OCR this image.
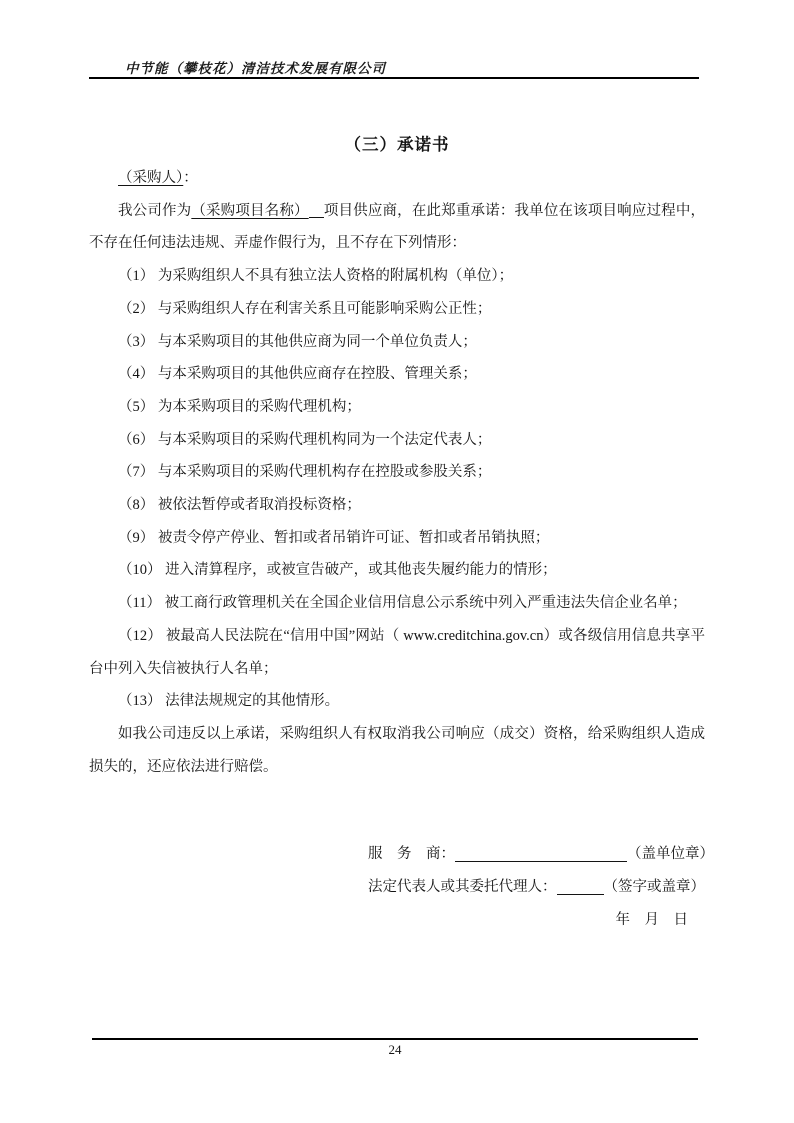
中节能（攀枝花）清洁技术发展有限公司
（三）承诺书

（采购人）：

我公司作为（采购项目名称） 项目供应商，在此郑重承诺：我单位在该项目响应过程中，不存在任何违法违规、弄虚作假行为，且不存在下列情形：

（1） 为采购组织人不具有独立法人资格的附属机构（单位）；

（2） 与采购组织人存在利害关系且可能影响采购公正性；

（3） 与本采购项目的其他供应商为同一个单位负责人；

（4） 与本采购项目的其他供应商存在控股、管理关系；

（5） 为本采购项目的采购代理机构；

（6） 与本采购项目的采购代理机构同为一个法定代表人；

（7） 与本采购项目的采购代理机构存在控股或参股关系；

（8） 被依法暂停或者取消投标资格；

（9） 被责令停产停业、暂扣或者吊销许可证、暂扣或者吊销执照；

（10） 进入清算程序，或被宣告破产，或其他丧失履约能力的情形；

（11） 被工商行政管理机关在全国企业信用信息公示系统中列入严重违法失信企业名单；

（12） 被最高人民法院在“信用中国”网站（ www.creditchina.gov.cn）或各级信用信息共享平台中列入失信被执行人名单；

（13） 法律法规规定的其他情形。

如我公司违反以上承诺，采购组织人有权取消我公司响应（成交）资格，给采购组织人造成损失的，还应依法进行赔偿。

服　务　商：	（盖单位章）

法定代表人或其委托代理人：	（签字或盖章）

年　月　日

24
